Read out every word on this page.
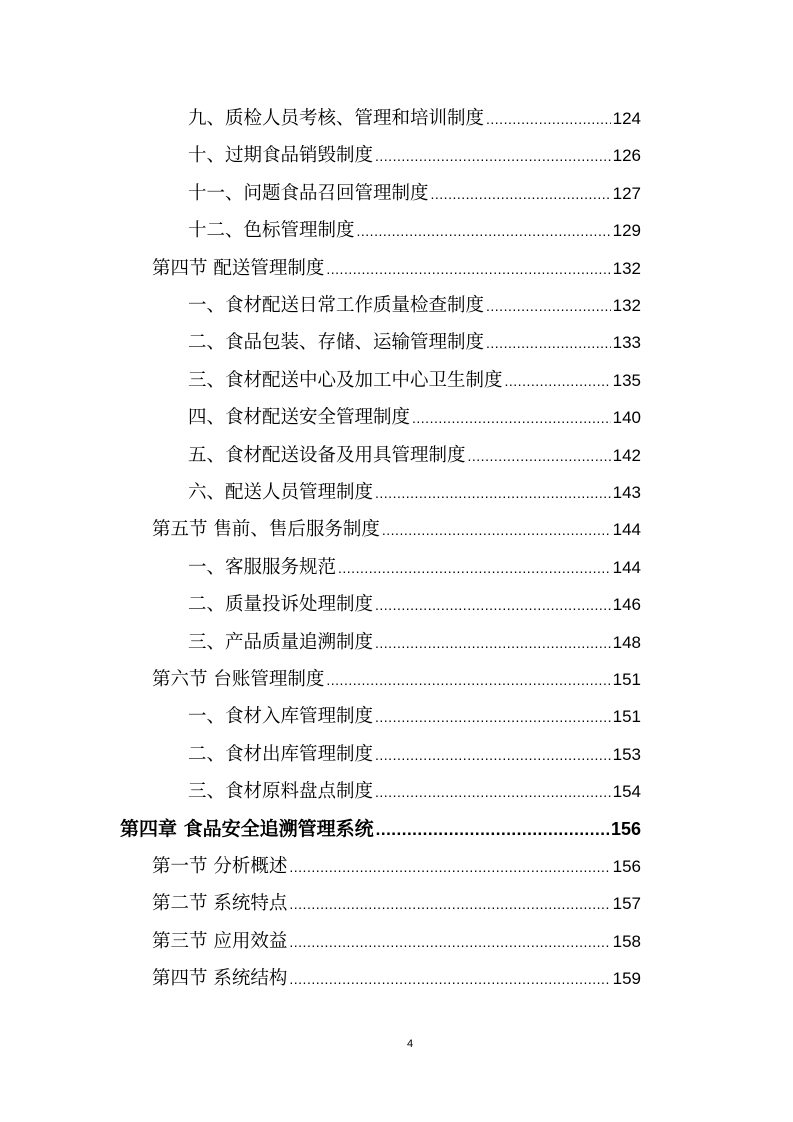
九、质检人员考核、管理和培训制度 .....	124
十、过期食品销毁制度 .....	126
十一、问题食品召回管理制度 .....	127
十二、色标管理制度 .....	129
第四节 配送管理制度 .....	132
一、食材配送日常工作质量检查制度 .....	132
二、食品包装、存储、运输管理制度 .....	133
三、食材配送中心及加工中心卫生制度 .....	135
四、食材配送安全管理制度 .....	140
五、食材配送设备及用具管理制度 .....	142
六、配送人员管理制度 .....	143
第五节 售前、售后服务制度 .....	144
一、客服服务规范 .....	144
二、质量投诉处理制度 .....	146
三、产品质量追溯制度 .....	148
第六节 台账管理制度 .....	151
一、食材入库管理制度 .....	151
二、食材出库管理制度 .....	153
三、食材原料盘点制度 .....	154
第四章 食品安全追溯管理系统 .....	156
第一节 分析概述 .....	156
第二节 系统特点 .....	157
第三节 应用效益 .....	158
第四节 系统结构 .....	159
4
